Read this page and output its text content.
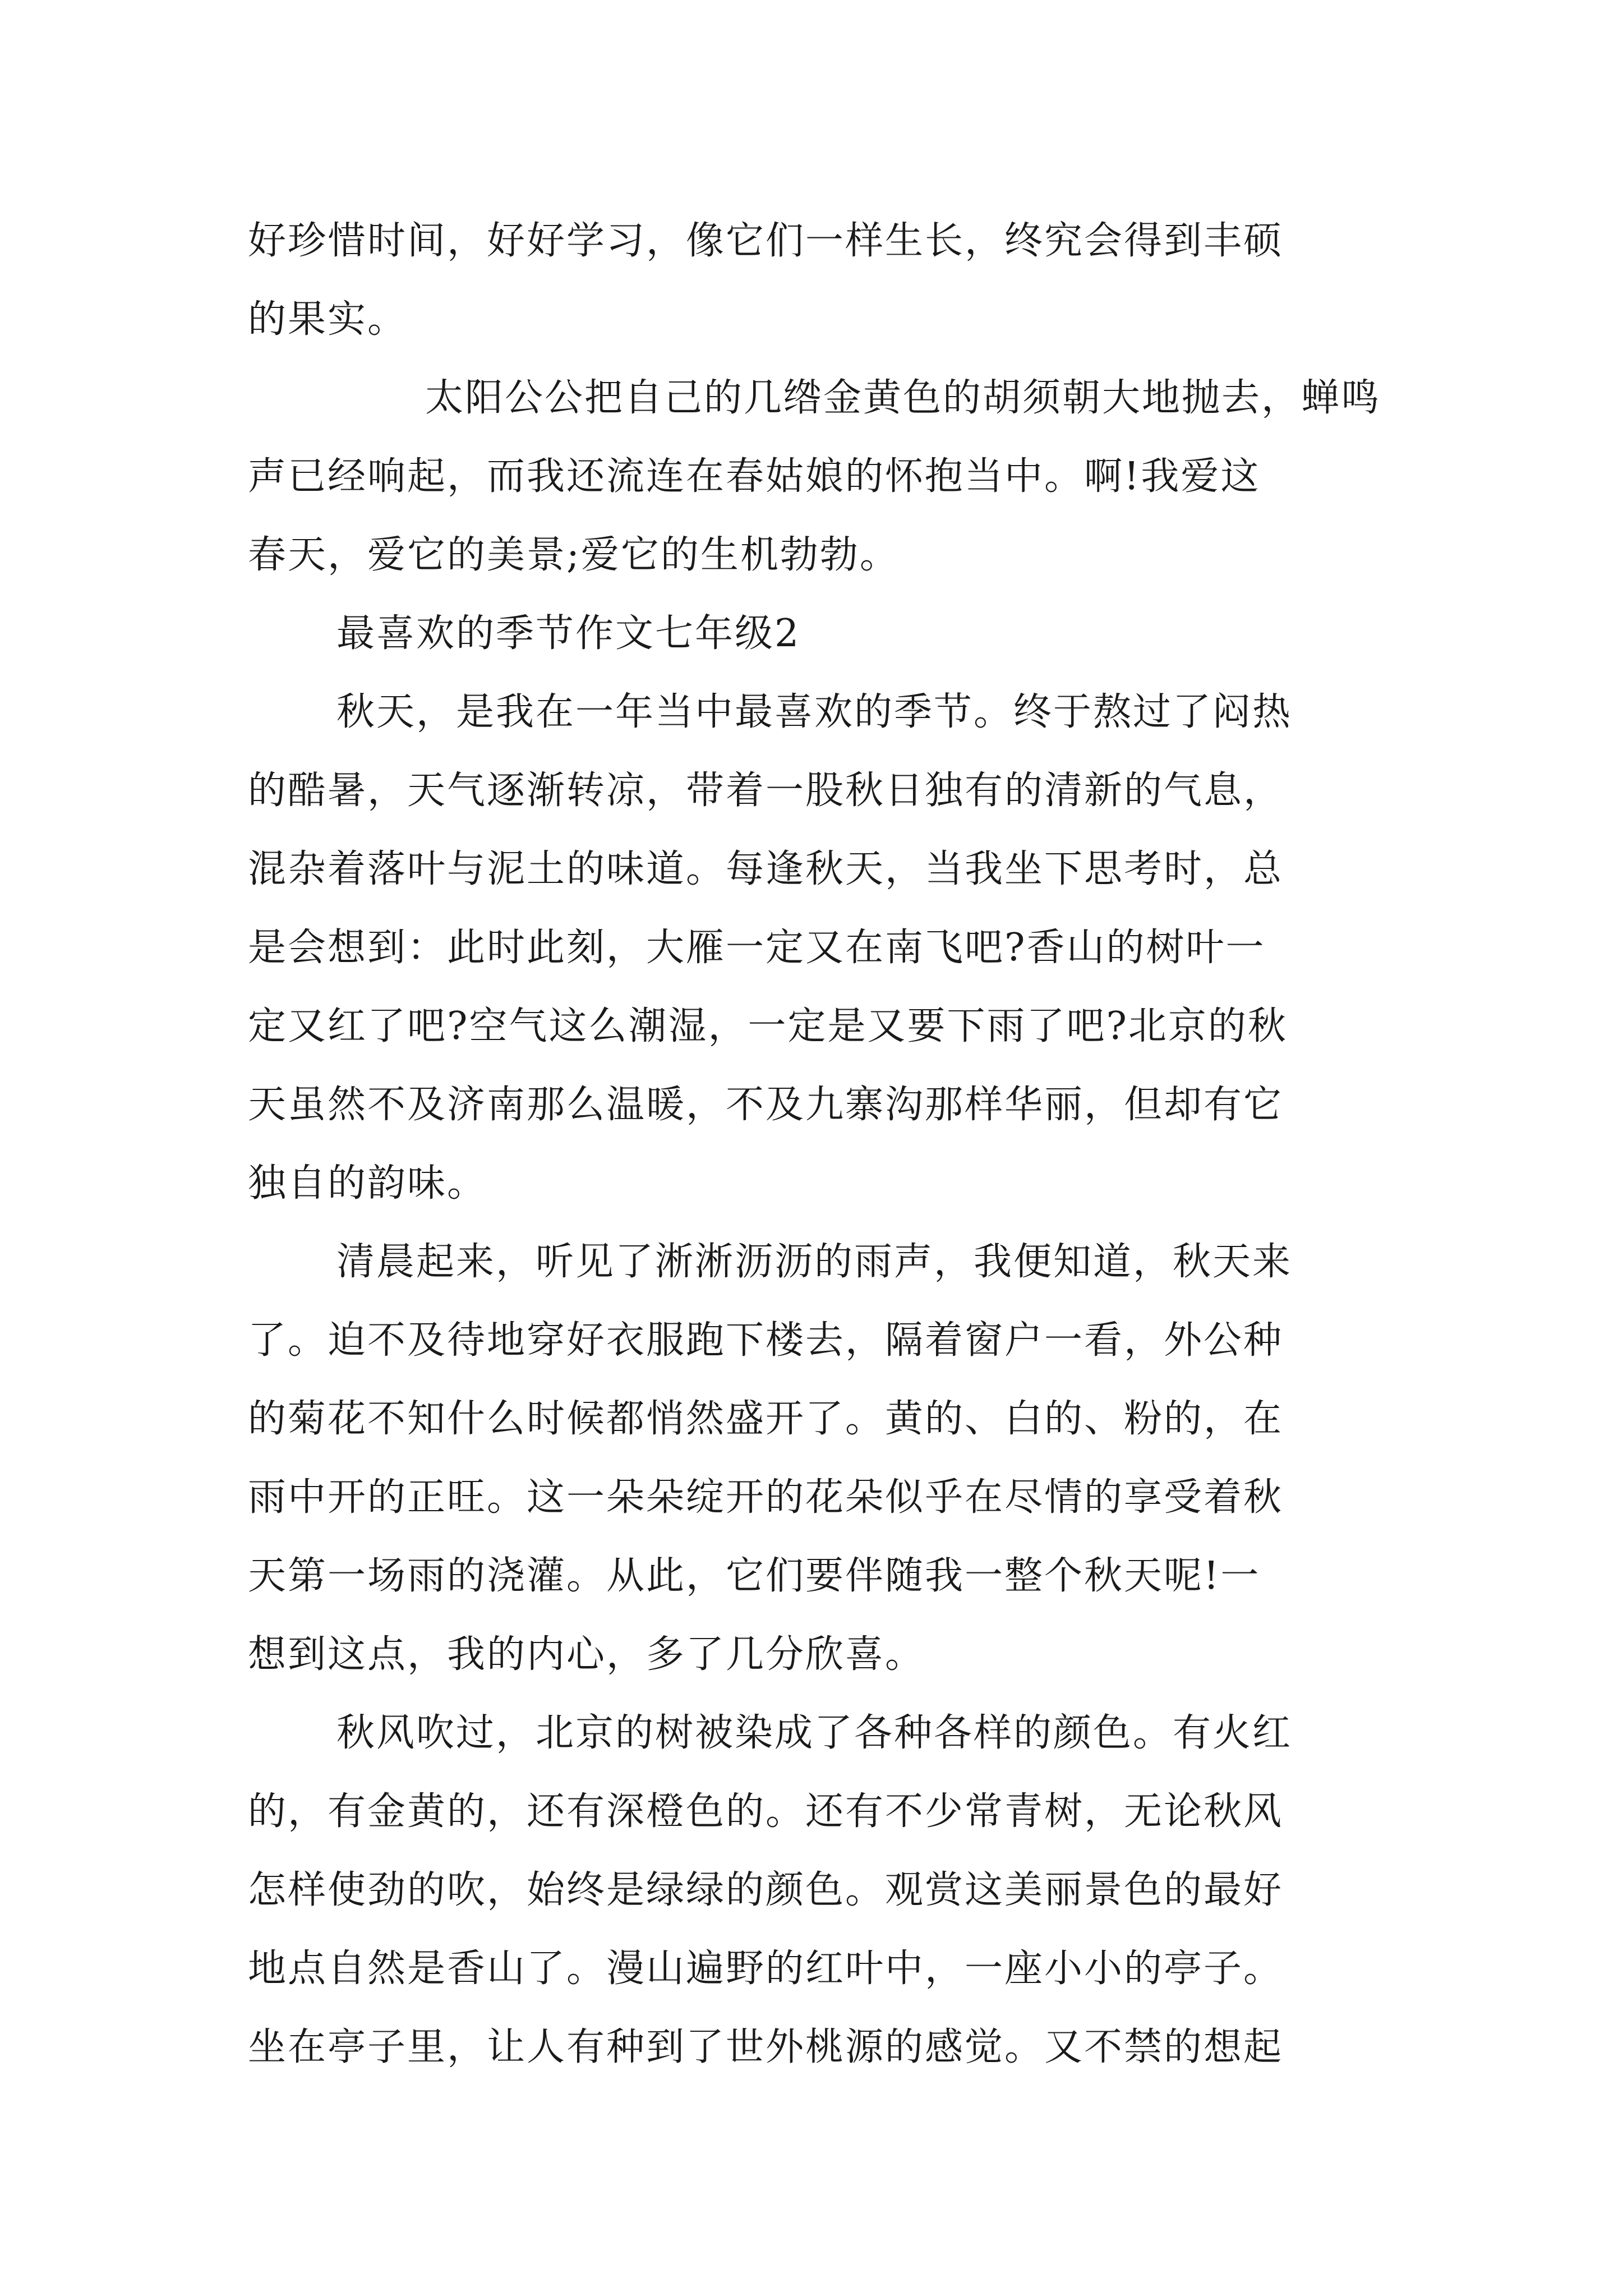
好珍惜时间，好好学习，像它们一样生长，终究会得到丰硕
的果实。

太阳公公把自己的几绺金黄色的胡须朝大地抛去，蝉鸣
声已经响起，而我还流连在春姑娘的怀抱当中。啊!我爱这
春天，爱它的美景;爱它的生机勃勃。

最喜欢的季节作文七年级2

秋天，是我在一年当中最喜欢的季节。终于熬过了闷热
的酷暑，天气逐渐转凉，带着一股秋日独有的清新的气息，
混杂着落叶与泥土的味道。每逢秋天，当我坐下思考时，总
是会想到：此时此刻，大雁一定又在南飞吧?香山的树叶一
定又红了吧?空气这么潮湿，一定是又要下雨了吧?北京的秋
天虽然不及济南那么温暖，不及九寨沟那样华丽，但却有它
独自的韵味。

清晨起来，听见了淅淅沥沥的雨声，我便知道，秋天来
了。迫不及待地穿好衣服跑下楼去，隔着窗户一看，外公种
的菊花不知什么时候都悄然盛开了。黄的、白的、粉的，在
雨中开的正旺。这一朵朵绽开的花朵似乎在尽情的享受着秋
天第一场雨的浇灌。从此，它们要伴随我一整个秋天呢!一
想到这点，我的内心，多了几分欣喜。

秋风吹过，北京的树被染成了各种各样的颜色。有火红
的，有金黄的，还有深橙色的。还有不少常青树，无论秋风
怎样使劲的吹，始终是绿绿的颜色。观赏这美丽景色的最好
地点自然是香山了。漫山遍野的红叶中，一座小小的亭子。
坐在亭子里，让人有种到了世外桃源的感觉。又不禁的想起
